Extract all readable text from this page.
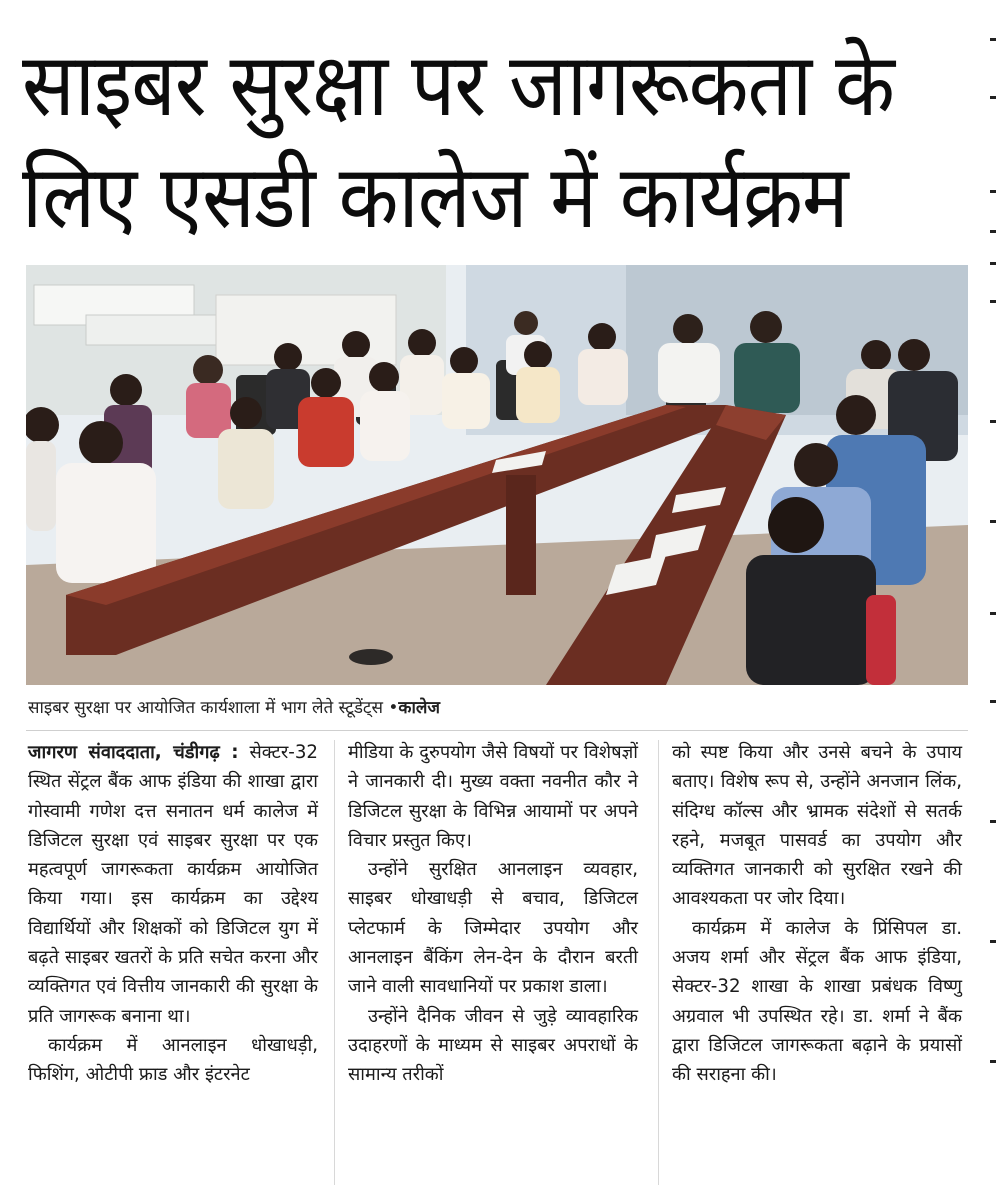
साइबर सुरक्षा पर जागरूकता के
लिए एसडी कालेज में कार्यक्रम
साइबर सुरक्षा पर आयोजित कार्यशाला में भाग लेते स्टूडेंट्स •कालेज

जागरण संवाददाता, चंडीगढ़ : सेक्टर-32 स्थित सेंट्रल बैंक आफ इंडिया की शाखा द्वारा गोस्वामी गणेश दत्त सनातन धर्म कालेज में डिजिटल सुरक्षा एवं साइबर सुरक्षा पर एक महत्वपूर्ण जागरूकता कार्यक्रम आयोजित किया गया। इस कार्यक्रम का उद्देश्य विद्यार्थियों और शिक्षकों को डिजिटल युग में बढ़ते साइबर खतरों के प्रति सचेत करना और व्यक्तिगत एवं वित्तीय जानकारी की सुरक्षा के प्रति जागरूक बनाना था।

कार्यक्रम में आनलाइन धोखाधड़ी, फिशिंग, ओटीपी फ्राड और इंटरनेट

मीडिया के दुरुपयोग जैसे विषयों पर विशेषज्ञों ने जानकारी दी। मुख्य वक्ता नवनीत कौर ने डिजिटल सुरक्षा के विभिन्न आयामों पर अपने विचार प्रस्तुत किए।

उन्होंने सुरक्षित आनलाइन व्यवहार, साइबर धोखाधड़ी से बचाव, डिजिटल प्लेटफार्म के जिम्मेदार उपयोग और आनलाइन बैंकिंग लेन-देन के दौरान बरती जाने वाली सावधानियों पर प्रकाश डाला।

उन्होंने दैनिक जीवन से जुड़े व्यावहारिक उदाहरणों के माध्यम से साइबर अपराधों के सामान्य तरीकों

को स्पष्ट किया और उनसे बचने के उपाय बताए। विशेष रूप से, उन्होंने अनजान लिंक, संदिग्ध कॉल्स और भ्रामक संदेशों से सतर्क रहने, मजबूत पासवर्ड का उपयोग और व्यक्तिगत जानकारी को सुरक्षित रखने की आवश्यकता पर जोर दिया।

कार्यक्रम में कालेज के प्रिंसिपल डा. अजय शर्मा और सेंट्रल बैंक आफ इंडिया, सेक्टर-32 शाखा के शाखा प्रबंधक विष्णु अग्रवाल भी उपस्थित रहे। डा. शर्मा ने बैंक द्वारा डिजिटल जागरूकता बढ़ाने के प्रयासों की सराहना की।
